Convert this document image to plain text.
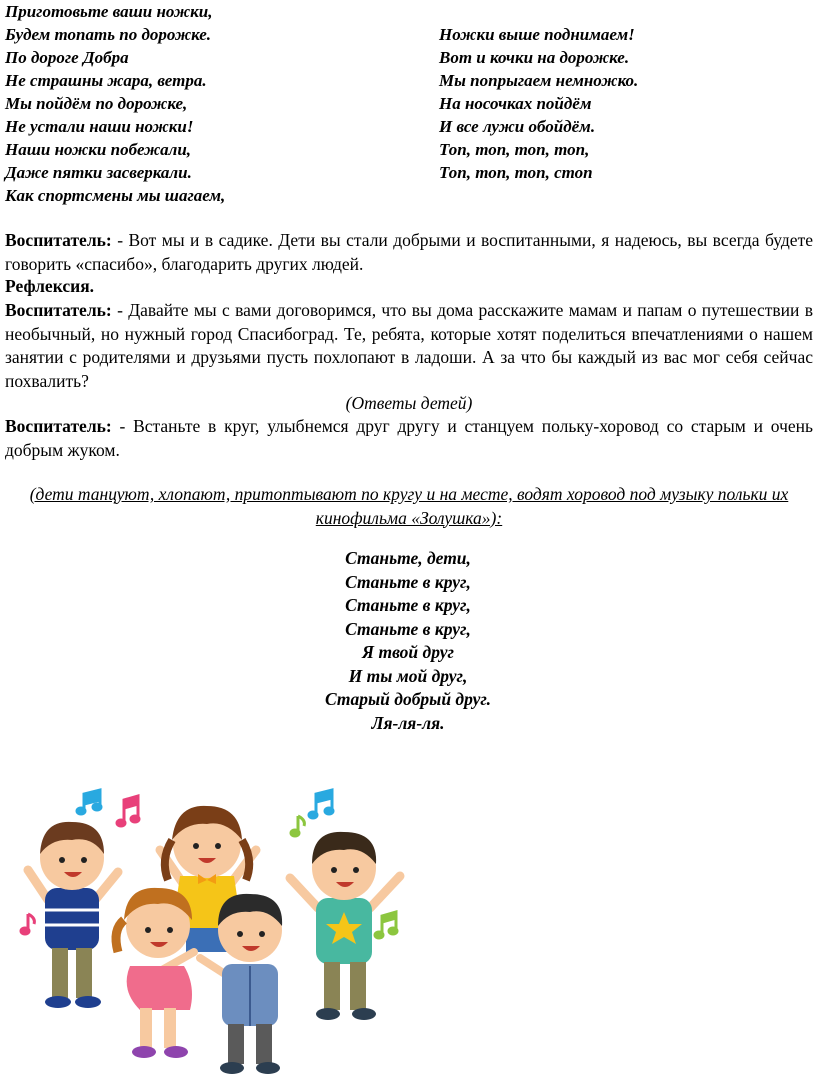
Приготовьте ваши ножки,
Будем топать по дорожке.
По дороге Добра
Не страшны жара, ветра.
Мы пойдём по дорожке,
Не устали наши ножки!
Наши ножки побежали,
Даже пятки засверкали.
Как спортсмены мы шагаем,
Ножки выше поднимаем!
Вот и кочки на дорожке.
Мы попрыгаем немножко.
На носочках пойдём
И все лужи обойдём.
Топ, топ, топ, топ,
Топ, топ, топ, стоп

Воспитатель: - Вот мы и в садике. Дети вы стали добрыми и воспитанными, я надеюсь, вы всегда будете говорить «спасибо», благодарить других людей.

Рефлексия.

Воспитатель: - Давайте мы с вами договоримся, что вы дома расскажите мамам и папам о путешествии в необычный, но нужный город Спасибоград. Те, ребята, которые хотят поделиться впечатлениями о нашем занятии с родителями и друзьями пусть похлопают в ладоши. А за что бы каждый из вас мог себя сейчас похвалить?

(Ответы детей)

Воспитатель: - Встаньте в круг, улыбнемся друг другу и станцуем польку-хоровод со старым и очень добрым жуком.

(дети танцуют, хлопают, притоптывают по кругу и на месте, водят хоровод под музыку польки их кинофильма «Золушка»):
Станьте, дети,
Станьте в круг,
Станьте в круг,
Станьте в круг,
Я твой друг
И ты мой друг,
Старый добрый друг.
Ля-ля-ля.
